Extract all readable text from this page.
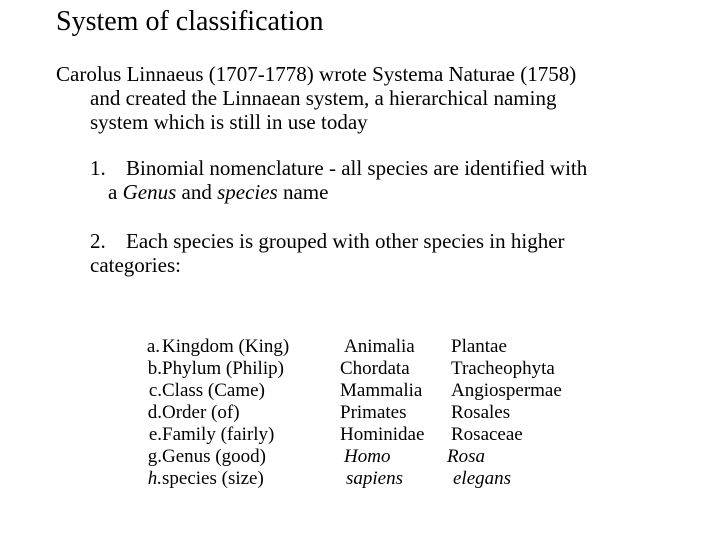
System of classification
Carolus Linnaeus (1707-1778) wrote Systema Naturae (1758)
and created the Linnaean system, a hierarchical naming
system which is still in use today
1. Binomial nomenclature - all species are identified with
a Genus and species name
2. Each species is grouped with other species in higher
categories:
a. Kingdom (King)	Animalia Plantae
b. Phylum (Philip)	Chordata Tracheophyta
c. Class (Came)	Mammalia Angiospermae
d. Order (of)	Primates Rosales
e. Family (fairly)	Hominidae Rosaceae
g. Genus (good)	Homo	Rosa
h. species (size)	sapiens	elegans
